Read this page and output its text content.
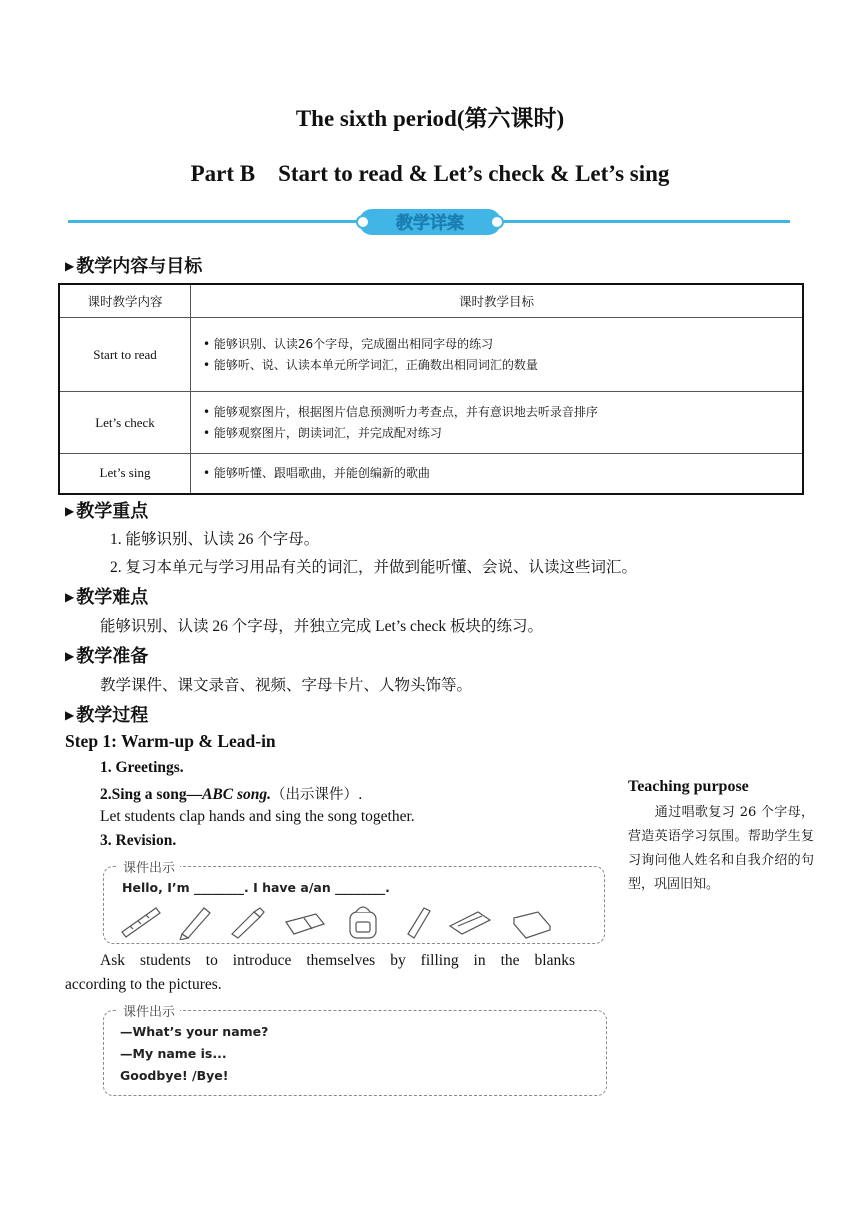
The sixth period(第六课时)
Part B　Start to read & Let’s check & Let’s sing
教学详案
▶ 教学内容与目标
课时教学内容	课时教学目标
Start to read	• 能够识别、认读26个字母，完成圈出相同字母的练习
• 能够听、说、认读本单元所学词汇，正确数出相同词汇的数量

Let’s check	• 能够观察图片，根据图片信息预测听力考查点，并有意识地去听录音排序
• 能够观察图片，朗读词汇，并完成配对练习

Let’s sing	• 能够听懂、跟唱歌曲，并能创编新的歌曲
▶ 教学重点
1. 能够识别、认读 26 个字母。
2. 复习本单元与学习用品有关的词汇，并做到能听懂、会说、认读这些词汇。
▶ 教学难点
能够识别、认读 26 个字母，并独立完成 Let’s check 板块的练习。
▶ 教学准备
教学课件、课文录音、视频、字母卡片、人物头饰等。
▶ 教学过程
Step 1: Warm-up & Lead-in
1. Greetings.
2.Sing a song—ABC song.（出示课件）.
Let students clap hands and sing the song together.
3. Revision.
课件出示
Hello, I’m ________. I have a/an ________.
Ask students to introduce themselves by filling in the blanks
according to the pictures.
课件出示
—What’s your name?
—My name is...
Goodbye! /Bye!
Teaching purpose
　　通过唱歌复习 26 个字母，营造英语学习氛围。帮助学生复习询问他人姓名和自我介绍的句型，巩固旧知。
